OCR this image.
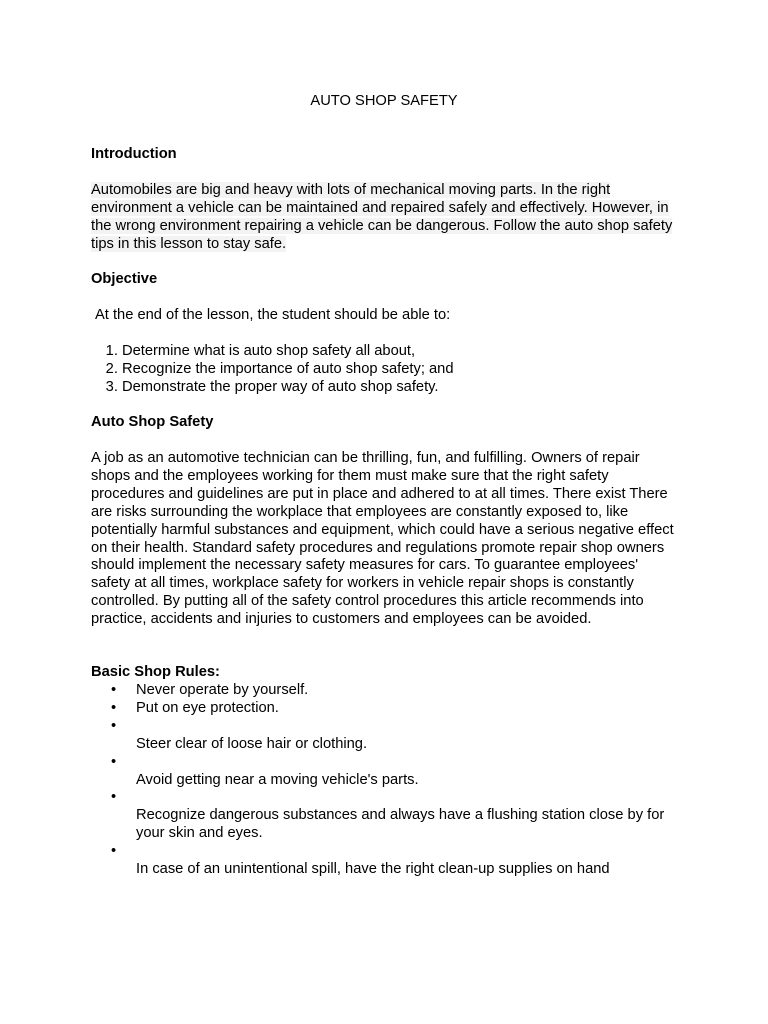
AUTO SHOP SAFETY
Introduction
Automobiles are big and heavy with lots of mechanical moving parts. In the right environment a vehicle can be maintained and repaired safely and effectively. However, in the wrong environment repairing a vehicle can be dangerous. Follow the auto shop safety tips in this lesson to stay safe.
Objective
At the end of the lesson, the student should be able to:
1. Determine what is auto shop safety all about,
2. Recognize the importance of auto shop safety; and
3. Demonstrate the proper way of auto shop safety.
Auto Shop Safety
A job as an automotive technician can be thrilling, fun, and fulfilling. Owners of repair shops and the employees working for them must make sure that the right safety procedures and guidelines are put in place and adhered to at all times. There exist There are risks surrounding the workplace that employees are constantly exposed to, like potentially harmful substances and equipment, which could have a serious negative effect on their health. Standard safety procedures and regulations promote repair shop owners should implement the necessary safety measures for cars. To guarantee employees' safety at all times, workplace safety for workers in vehicle repair shops is constantly controlled. By putting all of the safety control procedures this article recommends into practice, accidents and injuries to customers and employees can be avoided.
Basic Shop Rules:
• Never operate by yourself.
• Put on eye protection.
•
Steer clear of loose hair or clothing.
•
Avoid getting near a moving vehicle's parts.
•
Recognize dangerous substances and always have a flushing station close by for your skin and eyes.
•
In case of an unintentional spill, have the right clean-up supplies on hand
